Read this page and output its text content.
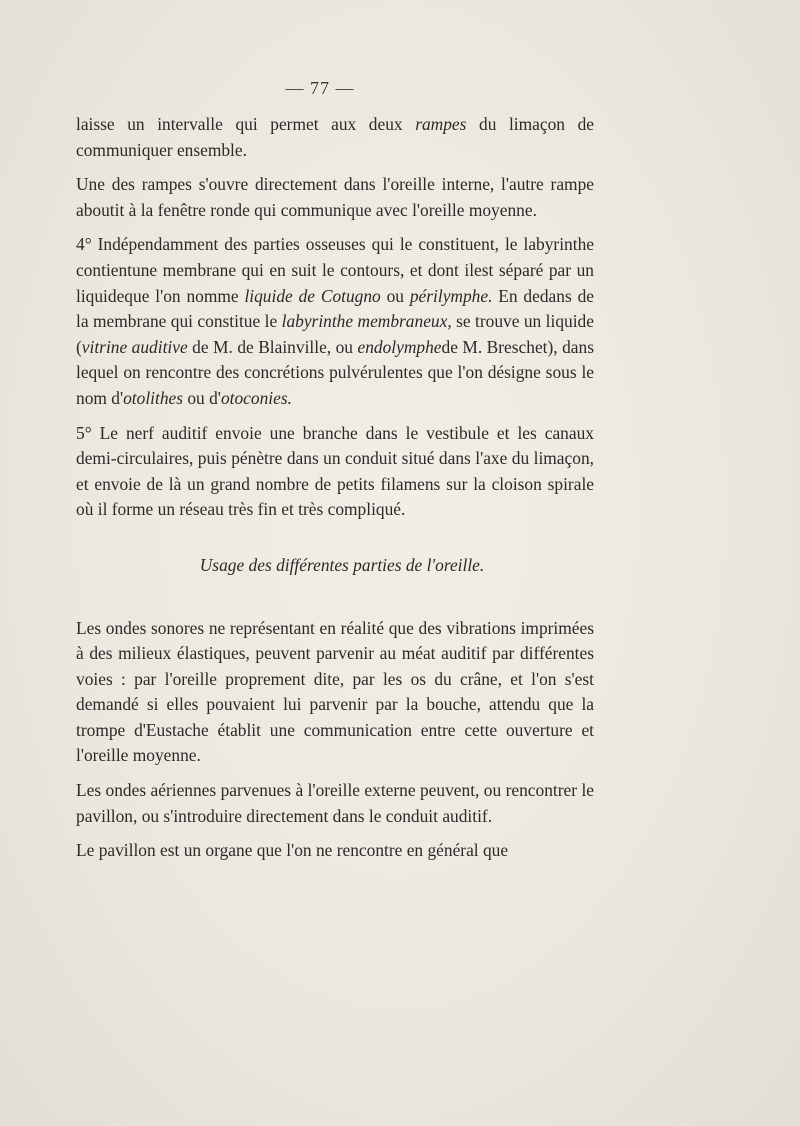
— 77 —

laisse un intervalle qui permet aux deux rampes du limaçon de communiquer ensemble.

Une des rampes s'ouvre directement dans l'oreille interne, l'autre rampe aboutit à la fenêtre ronde qui communique avec l'oreille moyenne.

4° Indépendamment des parties osseuses qui le constituent, le labyrinthe contientune membrane qui en suit le contours, et dont ilest séparé par un liquideque l'on nomme liquide de Cotugno ou périlymphe. En dedans de la membrane qui constitue le labyrinthe membraneux, se trouve un liquide (vitrine auditive de M. de Blainville, ou endolymphede M. Breschet), dans lequel on rencontre des concrétions pulvérulentes que l'on désigne sous le nom d'otolithes ou d'otoconies.

5° Le nerf auditif envoie une branche dans le vestibule et les canaux demi-circulaires, puis pénètre dans un conduit situé dans l'axe du limaçon, et envoie de là un grand nombre de petits filamens sur la cloison spirale où il forme un réseau très fin et très compliqué.

Usage des différentes parties de l'oreille.

Les ondes sonores ne représentant en réalité que des vibrations imprimées à des milieux élastiques, peuvent parvenir au méat auditif par différentes voies : par l'oreille proprement dite, par les os du crâne, et l'on s'est demandé si elles pouvaient lui parvenir par la bouche, attendu que la trompe d'Eustache établit une communication entre cette ouverture et l'oreille moyenne.

Les ondes aériennes parvenues à l'oreille externe peuvent, ou rencontrer le pavillon, ou s'introduire directement dans le conduit auditif.

Le pavillon est un organe que l'on ne rencontre en général que
